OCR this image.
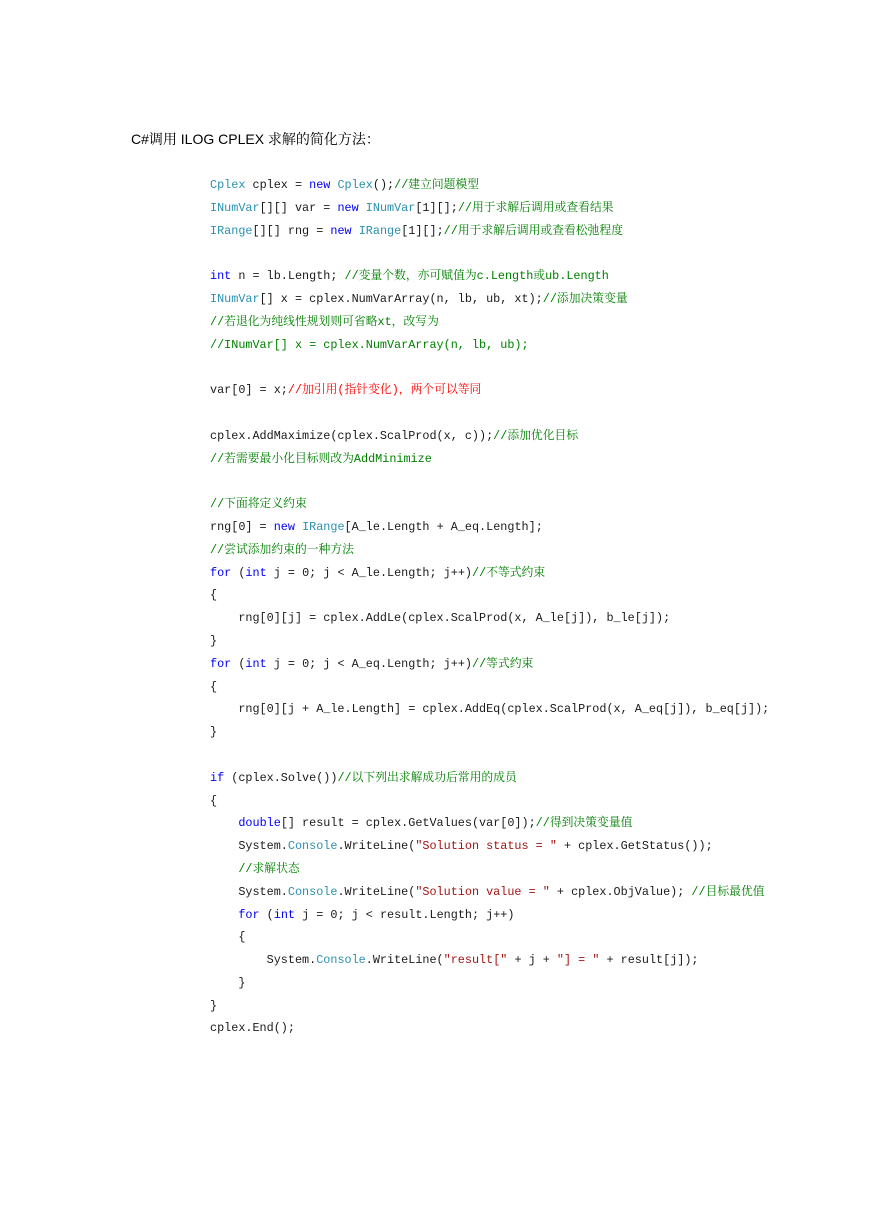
C#调用 ILOG CPLEX 求解的简化方法：
Cplex cplex = new Cplex();//建立问题模型
INumVar[][] var = new INumVar[1][];//用于求解后调用或查看结果
IRange[][] rng = new IRange[1][];//用于求解后调用或查看松弛程度
int n = lb.Length; //变量个数，亦可赋值为c.Length或ub.Length
INumVar[] x = cplex.NumVarArray(n, lb, ub, xt);//添加决策变量
//若退化为纯线性规划则可省略xt，改写为
//INumVar[] x = cplex.NumVarArray(n, lb, ub);
var[0] = x;//加引用(指针变化)，两个可以等同
cplex.AddMaximize(cplex.ScalProd(x, c));//添加优化目标
//若需要最小化目标则改为AddMinimize
//下面将定义约束
rng[0] = new IRange[A_le.Length + A_eq.Length];
//尝试添加约束的一种方法
for (int j = 0; j < A_le.Length; j++)//不等式约束
{
rng[0][j] = cplex.AddLe(cplex.ScalProd(x, A_le[j]), b_le[j]);
}
for (int j = 0; j < A_eq.Length; j++)//等式约束
{
rng[0][j + A_le.Length] = cplex.AddEq(cplex.ScalProd(x, A_eq[j]), b_eq[j]);
}
if (cplex.Solve())//以下列出求解成功后常用的成员
{
double[] result = cplex.GetValues(var[0]);//得到决策变量值
System.Console.WriteLine("Solution status = " + cplex.GetStatus());
//求解状态
System.Console.WriteLine("Solution value = " + cplex.ObjValue); //目标最优值
for (int j = 0; j < result.Length; j++)
{
System.Console.WriteLine("result[" + j + "] = " + result[j]);
}
}
cplex.End();
